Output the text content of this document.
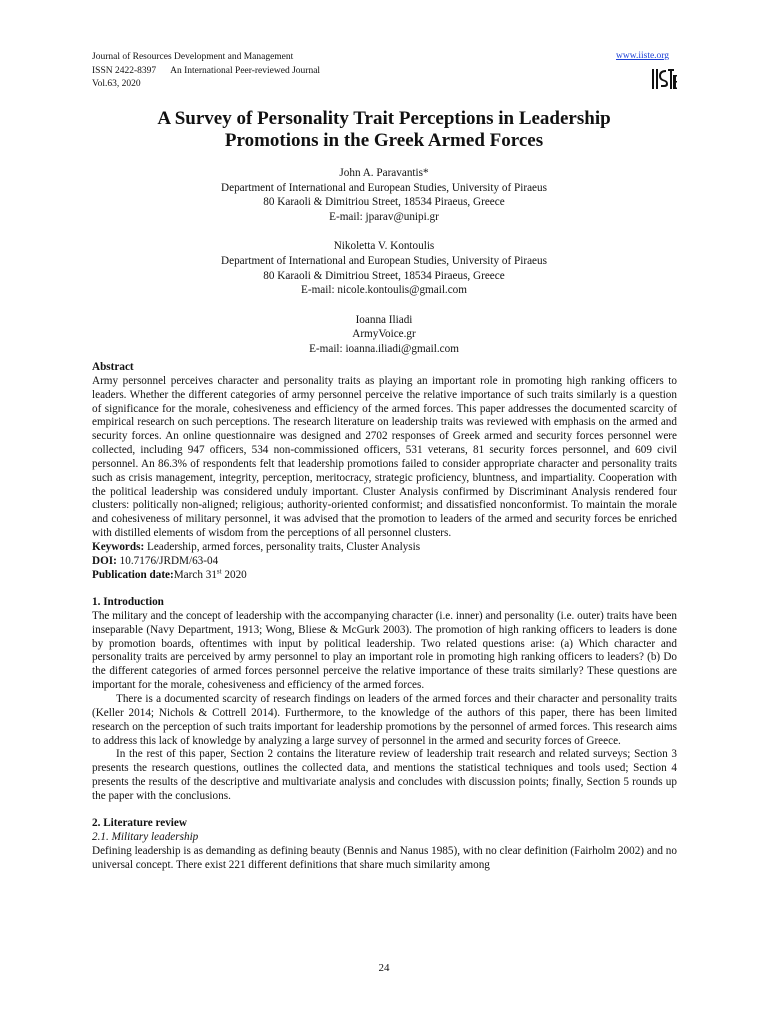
Journal of Resources Development and Management
ISSN 2422-8397 An International Peer-reviewed Journal
Vol.63, 2020
www.iiste.org
A Survey of Personality Trait Perceptions in Leadership
Promotions in the Greek Armed Forces
John A. Paravantis*
Department of International and European Studies, University of Piraeus
80 Karaoli & Dimitriou Street, 18534 Piraeus, Greece
E-mail: jparav@unipi.gr
Nikoletta V. Kontoulis
Department of International and European Studies, University of Piraeus
80 Karaoli & Dimitriou Street, 18534 Piraeus, Greece
E-mail: nicole.kontoulis@gmail.com
Ioanna Iliadi
ArmyVoice.gr
E-mail: ioanna.iliadi@gmail.com

Abstract

Army personnel perceives character and personality traits as playing an important role in promoting high ranking officers to leaders. Whether the different categories of army personnel perceive the relative importance of such traits similarly is a question of significance for the morale, cohesiveness and efficiency of the armed forces. This paper addresses the documented scarcity of empirical research on such perceptions. The research literature on leadership traits was reviewed with emphasis on the armed and security forces. An online questionnaire was designed and 2702 responses of Greek armed and security forces personnel were collected, including 947 officers, 534 non-commissioned officers, 531 veterans, 81 security forces personnel, and 609 civil personnel. An 86.3% of respondents felt that leadership promotions failed to consider appropriate character and personality traits such as crisis management, integrity, perception, meritocracy, strategic proficiency, bluntness, and impartiality. Cooperation with the political leadership was considered unduly important. Cluster Analysis confirmed by Discriminant Analysis rendered four clusters: politically non-aligned; religious; authority-oriented conformist; and dissatisfied nonconformist. To maintain the morale and cohesiveness of military personnel, it was advised that the promotion to leaders of the armed and security forces be enriched with distilled elements of wisdom from the perceptions of all personnel clusters.

Keywords: Leadership, armed forces, personality traits, Cluster Analysis

DOI: 10.7176/JRDM/63-04

Publication date:March 31st 2020

1. Introduction

The military and the concept of leadership with the accompanying character (i.e. inner) and personality (i.e. outer) traits have been inseparable (Navy Department, 1913; Wong, Bliese & McGurk 2003). The promotion of high ranking officers to leaders is done by promotion boards, oftentimes with input by political leadership. Two related questions arise: (a) Which character and personality traits are perceived by army personnel to play an important role in promoting high ranking officers to leaders? (b) Do the different categories of armed forces personnel perceive the relative importance of these traits similarly? These questions are important for the morale, cohesiveness and efficiency of the armed forces.

There is a documented scarcity of research findings on leaders of the armed forces and their character and personality traits (Keller 2014; Nichols & Cottrell 2014). Furthermore, to the knowledge of the authors of this paper, there has been limited research on the perception of such traits important for leadership promotions by the personnel of armed forces. This research aims to address this lack of knowledge by analyzing a large survey of personnel in the armed and security forces of Greece.

In the rest of this paper, Section 2 contains the literature review of leadership trait research and related surveys; Section 3 presents the research questions, outlines the collected data, and mentions the statistical techniques and tools used; Section 4 presents the results of the descriptive and multivariate analysis and concludes with discussion points; finally, Section 5 rounds up the paper with the conclusions.

2. Literature review

2.1. Military leadership

Defining leadership is as demanding as defining beauty (Bennis and Nanus 1985), with no clear definition (Fairholm 2002) and no universal concept. There exist 221 different definitions that share much similarity among

24
